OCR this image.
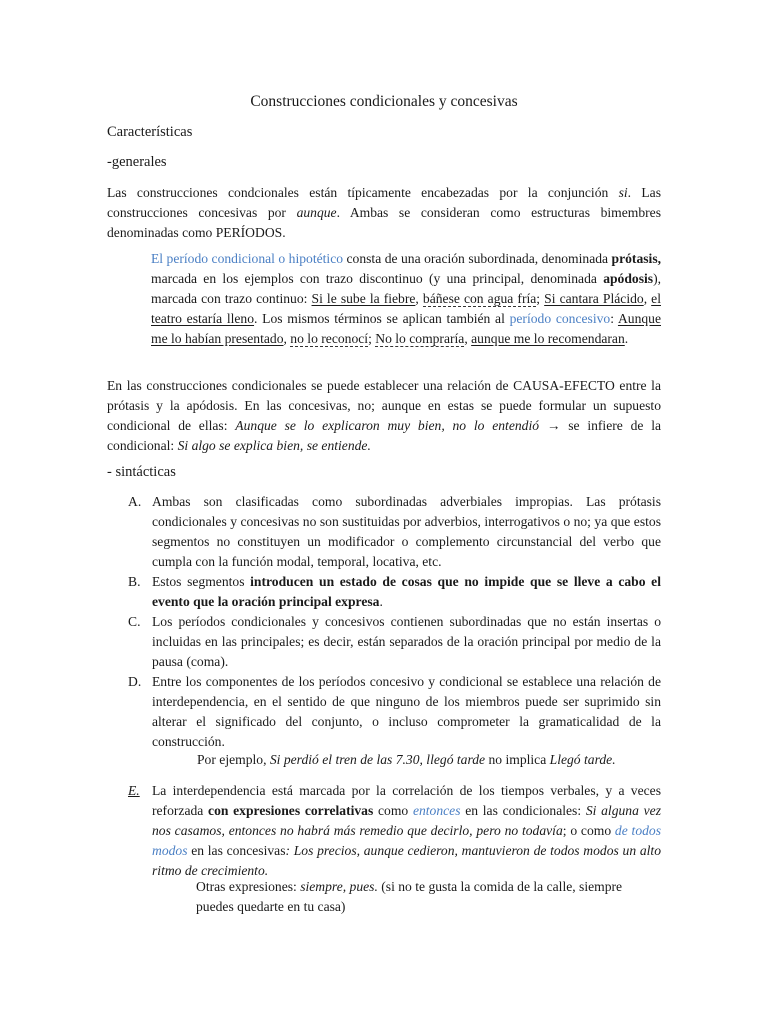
Construcciones condicionales y concesivas
Características
-generales
Las construcciones condcionales están típicamente encabezadas por la conjunción si. Las construcciones concesivas por aunque. Ambas se consideran como estructuras bimembres denominadas como PERÍODOS.
El período condicional o hipotético consta de una oración subordinada, denominada prótasis, marcada en los ejemplos con trazo discontinuo (y una principal, denominada apódosis), marcada con trazo continuo: Si le sube la fiebre, báñese con agua fría; Si cantara Plácido, el teatro estaría lleno. Los mismos términos se aplican también al período concesivo: Aunque me lo habían presentado, no lo reconocí; No lo compraría, aunque me lo recomendaran.
En las construcciones condicionales se puede establecer una relación de CAUSA-EFECTO entre la prótasis y la apódosis. En las concesivas, no; aunque en estas se puede formular un supuesto condicional de ellas: Aunque se lo explicaron muy bien, no lo entendió → se infiere de la condicional: Si algo se explica bien, se entiende.
- sintácticas
A. Ambas son clasificadas como subordinadas adverbiales impropias. Las prótasis condicionales y concesivas no son sustituidas por adverbios, interrogativos o no; ya que estos segmentos no constituyen un modificador o complemento circunstancial del verbo que cumpla con la función modal, temporal, locativa, etc.
B. Estos segmentos introducen un estado de cosas que no impide que se lleve a cabo el evento que la oración principal expresa.
C. Los períodos condicionales y concesivos contienen subordinadas que no están insertas o incluidas en las principales; es decir, están separados de la oración principal por medio de la pausa (coma).
D. Entre los componentes de los períodos concesivo y condicional se establece una relación de interdependencia, en el sentido de que ninguno de los miembros puede ser suprimido sin alterar el significado del conjunto, o incluso comprometer la gramaticalidad de la construcción.
Por ejemplo, Si perdió el tren de las 7.30, llegó tarde no implica Llegó tarde.
E. La interdependencia está marcada por la correlación de los tiempos verbales, y a veces reforzada con expresiones correlativas como entonces en las condicionales: Si alguna vez nos casamos, entonces no habrá más remedio que decirlo, pero no todavía; o como de todos modos en las concesivas: Los precios, aunque cedieron, mantuvieron de todos modos un alto ritmo de crecimiento.
Otras expresiones: siempre, pues. (si no te gusta la comida de la calle, siempre puedes quedarte en tu casa)
